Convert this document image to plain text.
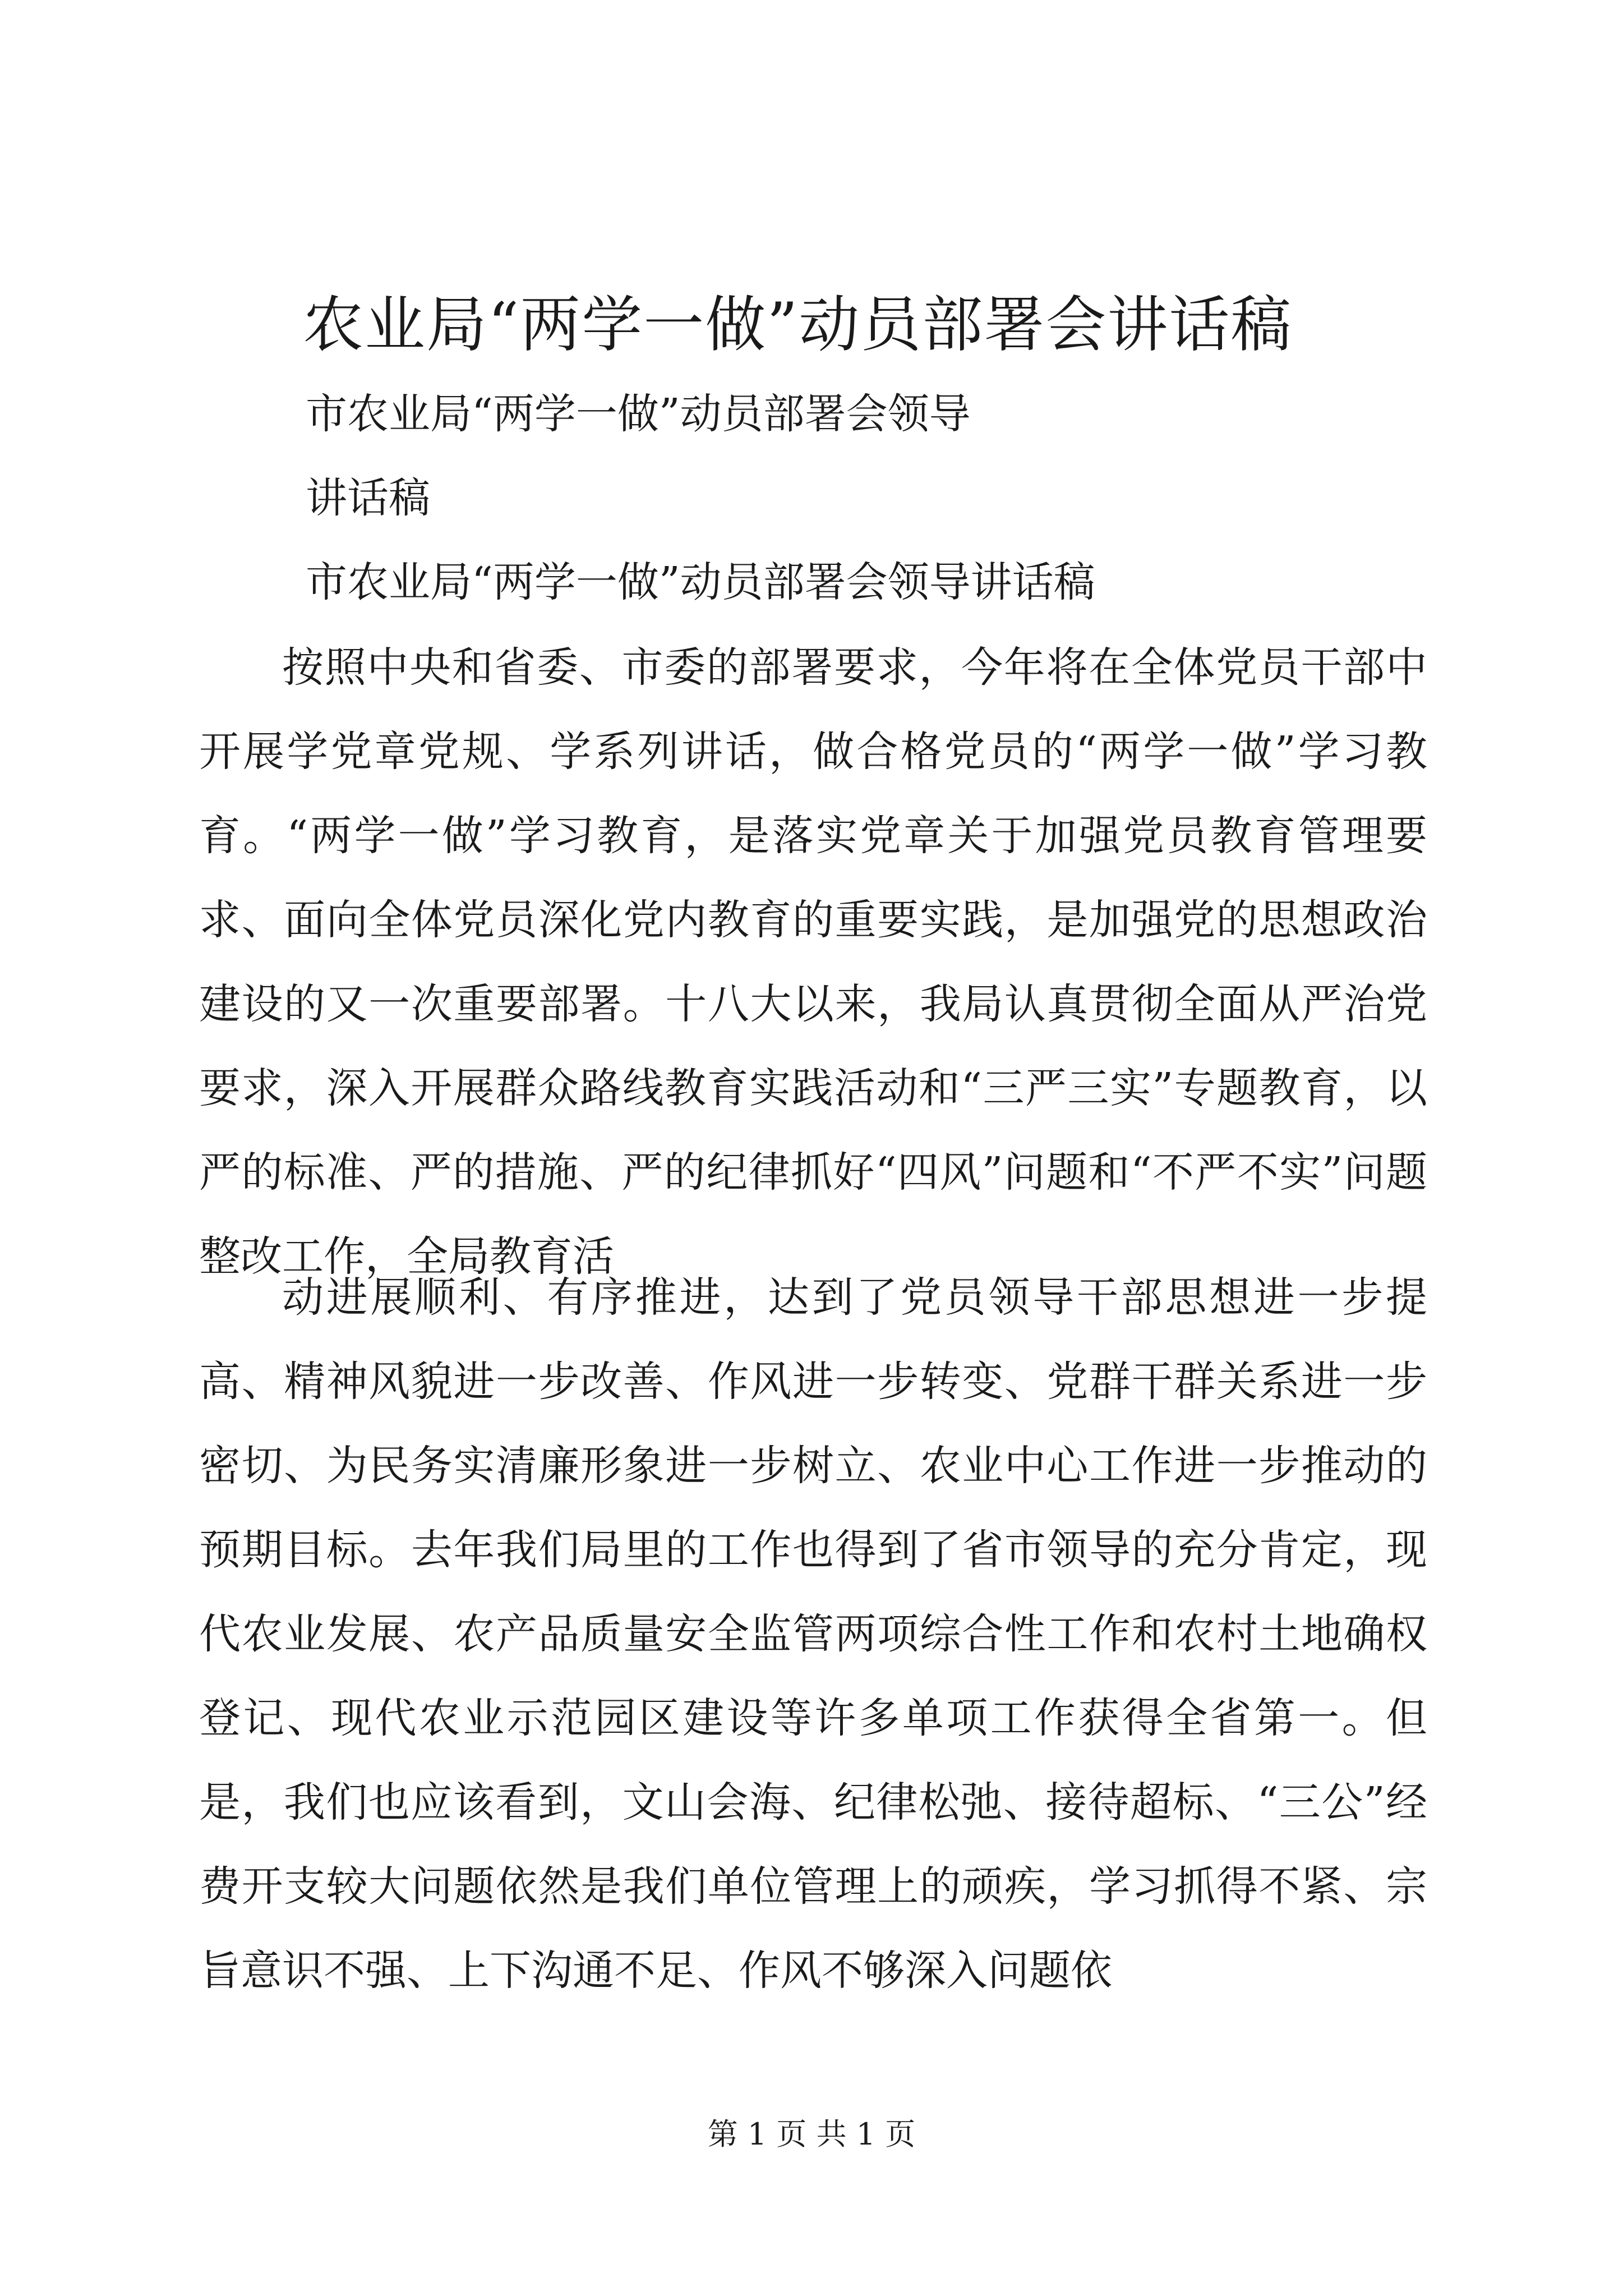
农业局“两学一做”动员部署会讲话稿
市农业局“两学一做”动员部署会领导
讲话稿
市农业局“两学一做”动员部署会领导讲话稿

按照中央和省委、市委的部署要求，今年将在全体党员干部中开展学党章党规、学系列讲话，做合格党员的“两学一做”学习教育。“两学一做”学习教育，是落实党章关于加强党员教育管理要求、面向全体党员深化党内教育的重要实践，是加强党的思想政治建设的又一次重要部署。十八大以来，我局认真贯彻全面从严治党要求，深入开展群众路线教育实践活动和“三严三实”专题教育，以严的标准、严的措施、严的纪律抓好“四风”问题和“不严不实”问题整改工作，全局教育活

动进展顺利、有序推进，达到了党员领导干部思想进一步提高、精神风貌进一步改善、作风进一步转变、党群干群关系进一步密切、为民务实清廉形象进一步树立、农业中心工作进一步推动的预期目标。去年我们局里的工作也得到了省市领导的充分肯定，现代农业发展、农产品质量安全监管两项综合性工作和农村土地确权登记、现代农业示范园区建设等许多单项工作获得全省第一。但是，我们也应该看到，文山会海、纪律松弛、接待超标、“三公”经费开支较大问题依然是我们单位管理上的顽疾，学习抓得不紧、宗旨意识不强、上下沟通不足、作风不够深入问题依

第 1 页 共 1 页
